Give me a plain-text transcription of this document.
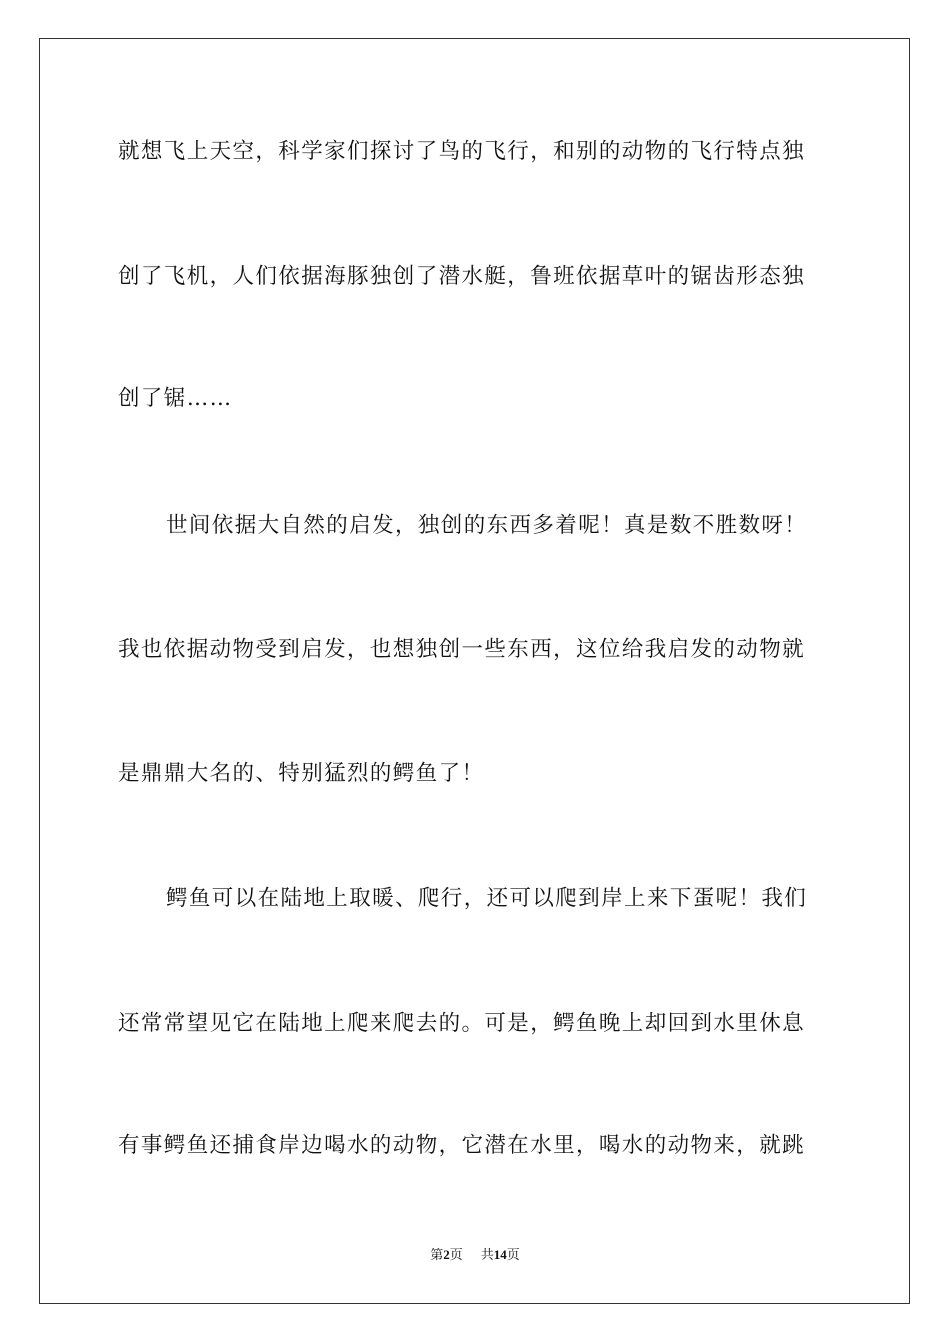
就想飞上天空，科学家们探讨了鸟的飞行，和别的动物的飞行特点独
创了飞机，人们依据海豚独创了潜水艇，鲁班依据草叶的锯齿形态独
创了锯……
世间依据大自然的启发，独创的东西多着呢！真是数不胜数呀！
我也依据动物受到启发，也想独创一些东西，这位给我启发的动物就
是鼎鼎大名的、特别猛烈的鳄鱼了！
鳄鱼可以在陆地上取暖、爬行，还可以爬到岸上来下蛋呢！我们
还常常望见它在陆地上爬来爬去的。可是，鳄鱼晚上却回到水里休息
有事鳄鱼还捕食岸边喝水的动物，它潜在水里，喝水的动物来，就跳
第2页 共14页
